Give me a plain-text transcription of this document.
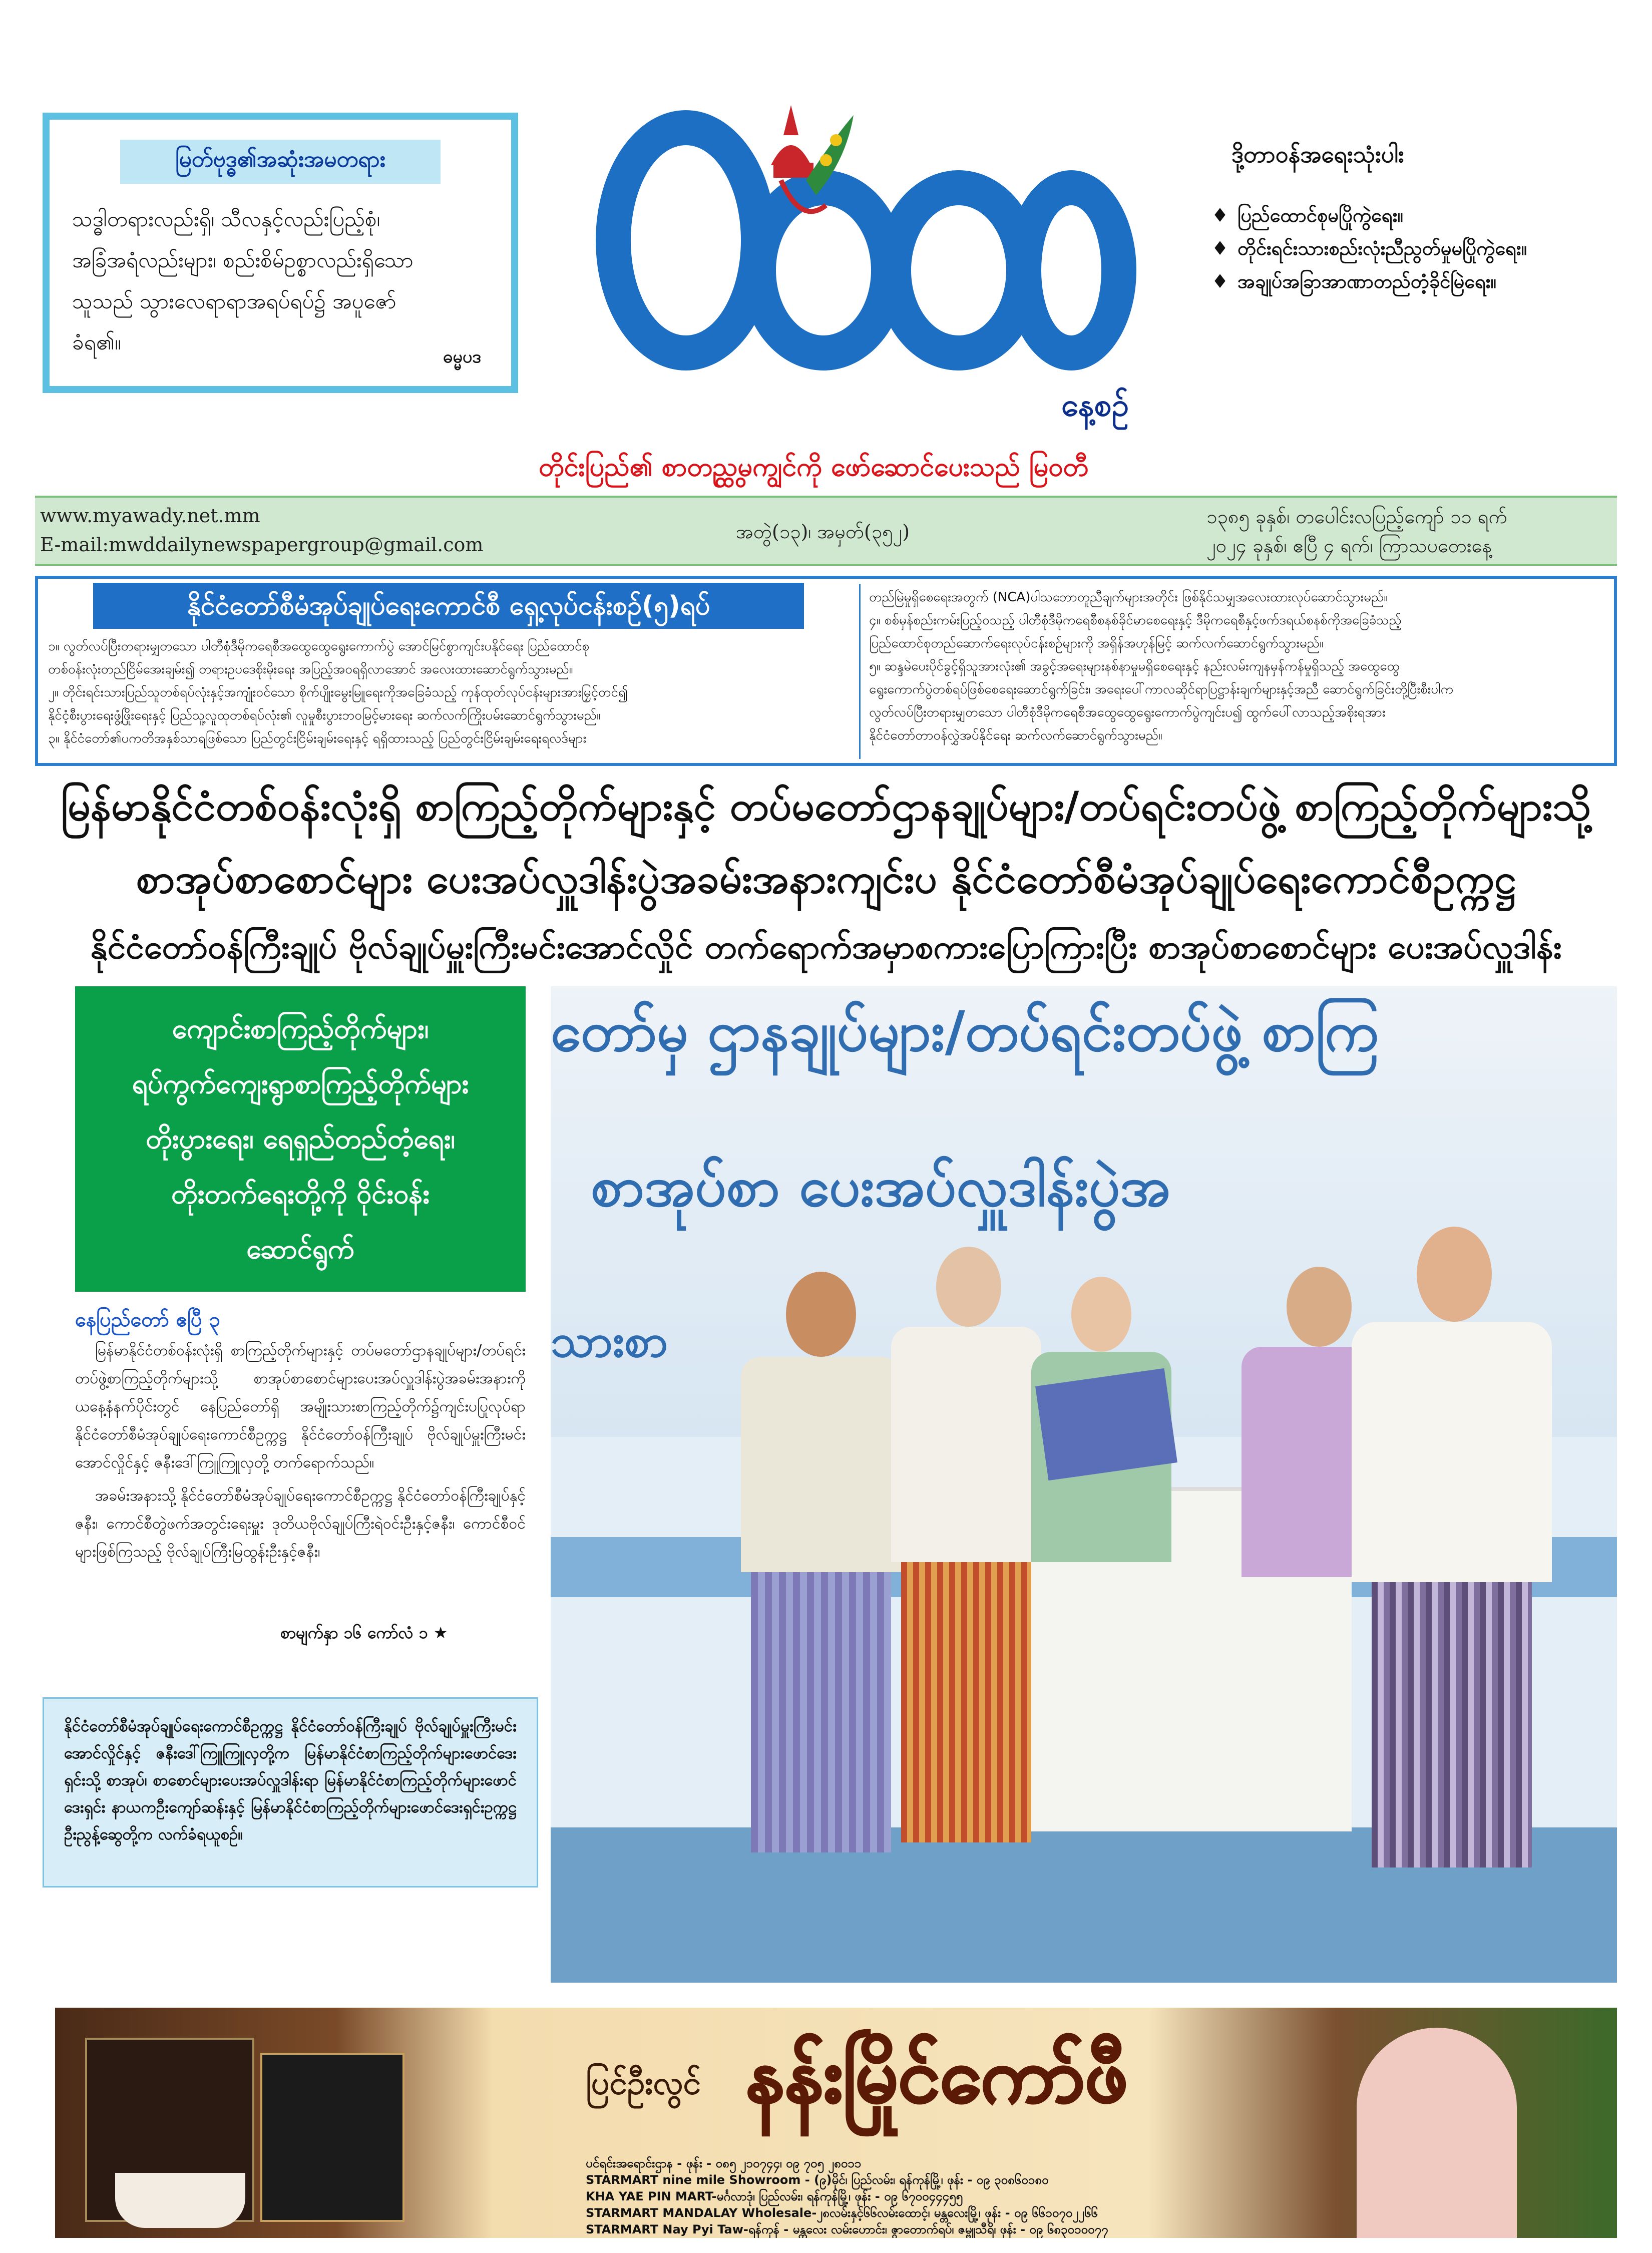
မြတ်ဗုဒ္ဓ၏အဆုံးအမတရား
သဒ္ဓါတရားလည်းရှိ၊ သီလနှင့်လည်းပြည့်စုံ၊
အခြံအရံလည်းများ၊ စည်းစိမ်ဥစ္စာလည်းရှိသော
သူသည် သွားလေရာရာအရပ်ရပ်၌ အပူဇော်
ခံရ၏။
ဓမ္မပဒ
နေ့စဉ်
တိုင်းပြည်၏ စာတည္ထွမကျွင်ကို ဖော်ဆောင်ပေးသည် မြဝတီ
ဒို့တာဝန်အရေးသုံးပါး
♦ ပြည်ထောင်စုမပြိုကွဲရေး။
♦ တိုင်းရင်းသားစည်းလုံးညီညွတ်မှုမပြိုကွဲရေး။
♦ အချုပ်အခြာအာဏာတည်တံ့ခိုင်မြဲရေး။
www.myawady.net.mm
E-mail:mwddailynewspapergroup@gmail.com
အတွဲ(၁၃)၊ အမှတ်(၃၅၂)
၁၃၈၅ ခုနှစ်၊ တပေါင်းလပြည့်ကျော် ၁၁ ရက်
၂၀၂၄ ခုနှစ်၊ ဧပြီ ၄ ရက်၊ ကြာသပတေးနေ့
နိုင်ငံတော်စီမံအုပ်ချုပ်ရေးကောင်စီ ရှေ့လုပ်ငန်းစဉ်(၅)ရပ်
၁။ လွတ်လပ်ပြီးတရားမျှတသော ပါတီစုံဒီမိုကရေစီအထွေထွေရွေးကောက်ပွဲ အောင်မြင်စွာကျင်းပနိုင်ရေး ပြည်ထောင်စု
တစ်ဝန်းလုံးတည်ငြိမ်အေးချမ်း၍ တရားဥပဒေစိုးမိုးရေး အပြည့်အဝရရှိလာအောင် အလေးထားဆောင်ရွက်သွားမည်။
၂။ တိုင်းရင်းသားပြည်သူတစ်ရပ်လုံးနှင့်အကျုံးဝင်သော စိုက်ပျိုးမွေးမြူရေးကိုအခြေခံသည့် ကုန်ထုတ်လုပ်ငန်းများအားမြှင့်တင်၍
နိုင်ငံ့စီးပွားရေးဖွံ့ဖြိုးရေးနှင့် ပြည်သူ့လူထုတစ်ရပ်လုံး၏ လူမှုစီးပွားဘဝမြင့်မားရေး ဆက်လက်ကြိုးပမ်းဆောင်ရွက်သွားမည်။
၃။ နိုင်ငံတော်၏ပကတိအနှစ်သာရဖြစ်သော ပြည်တွင်းငြိမ်းချမ်းရေးနှင့် ရရှိထားသည့် ပြည်တွင်းငြိမ်းချမ်းရေးရလဒ်များ
တည်မြဲမှုရှိစေရေးအတွက် (NCA)ပါသဘောတူညီချက်များအတိုင်း ဖြစ်နိုင်သမျှအလေးထားလုပ်ဆောင်သွားမည်။
၄။ စစ်မှန်စည်းကမ်းပြည့်ဝသည့် ပါတီစုံဒီမိုကရေစီစနစ်ခိုင်မာစေရေးနှင့် ဒီမိုကရေစီနှင့်ဖက်ဒရယ်စနစ်ကိုအခြေခံသည့်
ပြည်ထောင်စုတည်ဆောက်ရေးလုပ်ငန်းစဉ်များကို အရှိန်အဟုန်မြင့် ဆက်လက်ဆောင်ရွက်သွားမည်။
၅။ ဆန္ဒမဲပေးပိုင်ခွင့်ရှိသူအားလုံး၏ အခွင့်အရေးများနစ်နာမှုမရှိစေရေးနှင့် နည်းလမ်းကျနမှန်ကန်မှုရှိသည့် အထွေထွေ
ရွေးကောက်ပွဲတစ်ရပ်ဖြစ်စေရေးဆောင်ရွက်ခြင်း၊ အရေးပေါ်ကာလဆိုင်ရာပြဋ္ဌာန်းချက်များနှင့်အညီ ဆောင်ရွက်ခြင်းတို့ပြီးစီးပါက
လွတ်လပ်ပြီးတရားမျှတသော ပါတီစုံဒီမိုကရေစီအထွေထွေရွေးကောက်ပွဲကျင်းပ၍ ထွက်ပေါ်လာသည့်အစိုးရအား
နိုင်ငံတော်တာဝန်လွှဲအပ်နိုင်ရေး ဆက်လက်ဆောင်ရွက်သွားမည်။
မြန်မာနိုင်ငံတစ်ဝန်းလုံးရှိ စာကြည့်တိုက်များနှင့် တပ်မတော်ဌာနချုပ်များ/တပ်ရင်းတပ်ဖွဲ့ စာကြည့်တိုက်များသို့
စာအုပ်စာစောင်များ ပေးအပ်လှူဒါန်းပွဲအခမ်းအနားကျင်းပ နိုင်ငံတော်စီမံအုပ်ချုပ်ရေးကောင်စီဥက္ကဋ္ဌ
နိုင်ငံတော်ဝန်ကြီးချုပ် ဗိုလ်ချုပ်မှူးကြီးမင်းအောင်လှိုင် တက်ရောက်အမှာစကားပြောကြားပြီး စာအုပ်စာစောင်များ ပေးအပ်လှူဒါန်း
ကျောင်းစာကြည့်တိုက်များ၊
ရပ်ကွက်ကျေးရွာစာကြည့်တိုက်များ
တိုးပွားရေး၊ ရေရှည်တည်တံ့ရေး၊
တိုးတက်ရေးတို့ကို ဝိုင်းဝန်း
ဆောင်ရွက်
နေပြည်တော် ဧပြီ ၃

မြန်မာနိုင်ငံတစ်ဝန်းလုံးရှိ စာကြည့်တိုက်များနှင့် တပ်မတော်ဌာနချုပ်များ/တပ်ရင်းတပ်ဖွဲ့စာကြည့်တိုက်များသို့ စာအုပ်စာစောင်များပေးအပ်လှူဒါန်းပွဲအခမ်းအနားကို ယနေ့နံနက်ပိုင်းတွင် နေပြည်တော်ရှိ အမျိုးသားစာကြည့်တိုက်၌ကျင်းပပြုလုပ်ရာ နိုင်ငံတော်စီမံအုပ်ချုပ်ရေးကောင်စီဥက္ကဋ္ဌ နိုင်ငံတော်ဝန်ကြီးချုပ် ဗိုလ်ချုပ်မှူးကြီးမင်းအောင်လှိုင်နှင့် ဇနီးဒေါ်ကြူကြူလှတို့ တက်ရောက်သည်။

အခမ်းအနားသို့ နိုင်ငံတော်စီမံအုပ်ချုပ်ရေးကောင်စီဥက္ကဋ္ဌ နိုင်ငံတော်ဝန်ကြီးချုပ်နှင့်ဇနီး၊ ကောင်စီတွဲဖက်အတွင်းရေးမှူး ဒုတိယဗိုလ်ချုပ်ကြီးရဲဝင်းဦးနှင့်ဇနီး၊ ကောင်စီဝင်များဖြစ်ကြသည့် ဗိုလ်ချုပ်ကြီးမြထွန်းဦးနှင့်ဇနီး၊

စာမျက်နှာ ၁၆ ကော်လံ ၁ ★
နိုင်ငံတော်စီမံအုပ်ချုပ်ရေးကောင်စီဥက္ကဋ္ဌ နိုင်ငံတော်ဝန်ကြီးချုပ် ဗိုလ်ချုပ်မှူးကြီးမင်းအောင်လှိုင်နှင့် ဇနီးဒေါ်ကြူကြူလှတို့က မြန်မာနိုင်ငံစာကြည့်တိုက်များဖောင်ဒေးရှင်းသို့ စာအုပ်၊ စာစောင်များပေးအပ်လှူဒါန်းရာ မြန်မာနိုင်ငံစာကြည့်တိုက်များဖောင်ဒေးရှင်း နာယကဦးကျော်ဆန်းနှင့် မြန်မာနိုင်ငံစာကြည့်တိုက်များဖောင်ဒေးရှင်းဥက္ကဋ္ဌ ဦးညွန့်ဆွေတို့က လက်ခံရယူစဉ်။
တော်မှ ဌာနချုပ်များ/တပ်ရင်းတပ်ဖွဲ့ စာကြ
စာအုပ်စာ ပေးအပ်လှူဒါန်းပွဲအ
သားစာ
ပြင်ဦးလွင် နန်းမြိုင်ကော်ဖီ
ပင်ရင်းအရောင်းဌာန - ဖုန်း - ၀၈၅ ၂၁၀၇၄၄၊ ၀၉ ၇၀၅ ၂၈၀၁၁
STARMART nine mile Showroom - (၉)မိုင်၊ ပြည်လမ်း၊ ရန်ကုန်မြို့၊ ဖုန်း - ၀၉ ၃၀၈၆၀၁၈၀
KHA YAE PIN MART-မင်္ဂလာဒုံ၊ ပြည်လမ်း၊ ရန်ကုန်မြို့၊ ဖုန်း - ၀၉ ၆၇၀၀၄၄၄၅၅
STARMART MANDALAY Wholesale-၂၈လမ်းနှင့်၆၆လမ်းထောင့်၊ မန္တလေးမြို့၊ ဖုန်း - ၀၉ ၆၆၁၀၇၀၂၂၆၆
STARMART Nay Pyi Taw-ရန်ကုန် - မန္တလေး လမ်းဟောင်း၊ ဇွာတောက်ရပ်၊ ဇမ္ဗူသီရိ၊ ဖုန်း - ၀၉ ၆၈၃၀၁၀၀၇၇
